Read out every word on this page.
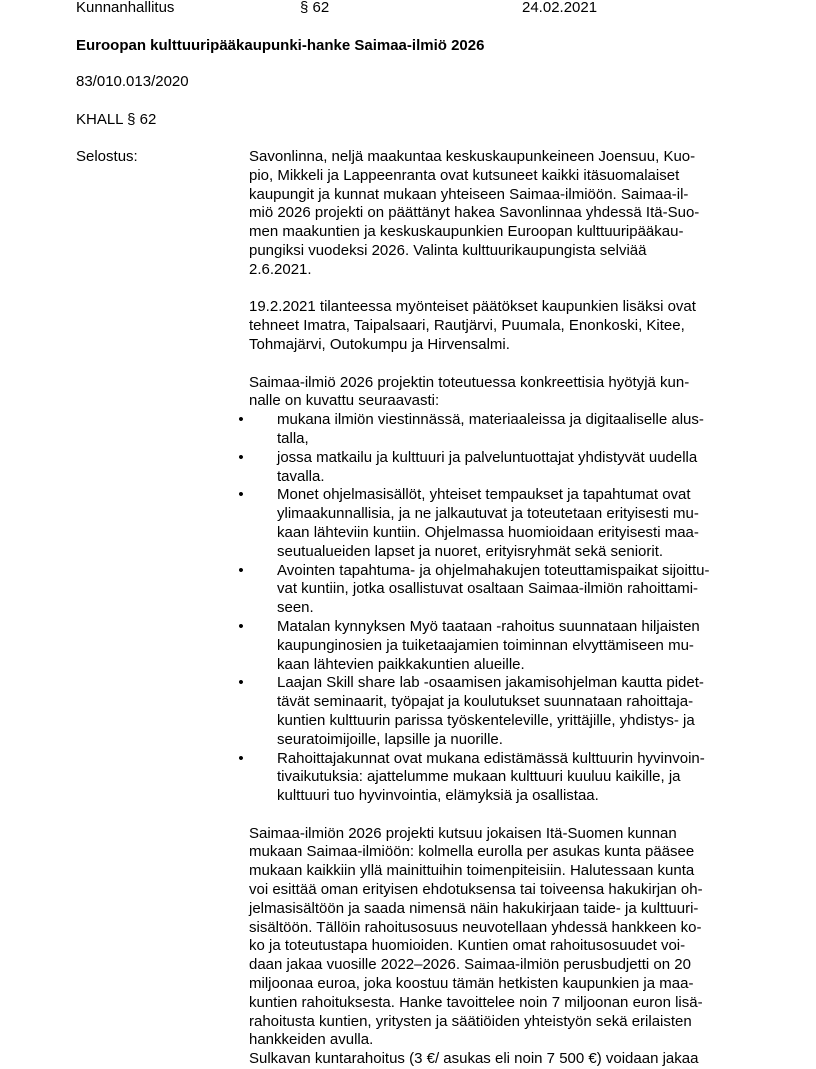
Kunnanhallitus	§ 62	24.02.2021
Euroopan kulttuuripääkaupunki-hanke Saimaa-ilmiö 2026
83/010.013/2020
KHALL § 62
Selostus:	Savonlinna, neljä maakuntaa keskuskaupunkeineen Joensuu, Kuo-
pio, Mikkeli ja Lappeenranta ovat kutsuneet kaikki itäsuomalaiset
kaupungit ja kunnat mukaan yhteiseen Saimaa-ilmiöön. Saimaa-il-
miö 2026 projekti on päättänyt hakea Savonlinnaa yhdessä Itä-Suo-
men maakuntien ja keskuskaupunkien Euroopan kulttuuripääkau-
pungiksi vuodeksi 2026. Valinta kulttuurikaupungista selviää
2.6.2021.
19.2.2021 tilanteessa myönteiset päätökset kaupunkien lisäksi ovat
tehneet Imatra, Taipalsaari, Rautjärvi, Puumala, Enonkoski, Kitee,
Tohmajärvi, Outokumpu ja Hirvensalmi.
Saimaa-ilmiö 2026 projektin toteutuessa konkreettisia hyötyjä kun-
nalle on kuvattu seuraavasti:
• mukana ilmiön viestinnässä, materiaaleissa ja digitaaliselle alus-
talla,
• jossa matkailu ja kulttuuri ja palveluntuottajat yhdistyvät uudella
tavalla.
• Monet ohjelmasisällöt, yhteiset tempaukset ja tapahtumat ovat
ylimaakunnallisia, ja ne jalkautuvat ja toteutetaan erityisesti mu-
kaan lähteviin kuntiin. Ohjelmassa huomioidaan erityisesti maa-
seutualueiden lapset ja nuoret, erityisryhmät sekä seniorit.
• Avointen tapahtuma- ja ohjelmahakujen toteuttamispaikat sijoittu-
vat kuntiin, jotka osallistuvat osaltaan Saimaa-ilmiön rahoittami-
seen.
• Matalan kynnyksen Myö taataan -rahoitus suunnataan hiljaisten
kaupunginosien ja tuiketaajamien toiminnan elvyttämiseen mu-
kaan lähtevien paikkakuntien alueille.
• Laajan Skill share lab -osaamisen jakamisohjelman kautta pidet-
tävät seminaarit, työpajat ja koulutukset suunnataan rahoittaja-
kuntien kulttuurin parissa työskenteleville, yrittäjille, yhdistys- ja
seuratoimijoille, lapsille ja nuorille.
• Rahoittajakunnat ovat mukana edistämässä kulttuurin hyvinvoin-
tivaikutuksia: ajattelumme mukaan kulttuuri kuuluu kaikille, ja
kulttuuri tuo hyvinvointia, elämyksiä ja osallistaa.
Saimaa-ilmiön 2026 projekti kutsuu jokaisen Itä-Suomen kunnan
mukaan Saimaa-ilmiöön: kolmella eurolla per asukas kunta pääsee
mukaan kaikkiin yllä mainittuihin toimenpiteisiin. Halutessaan kunta
voi esittää oman erityisen ehdotuksensa tai toiveensa hakukirjan oh-
jelmasisältöön ja saada nimensä näin hakukirjaan taide- ja kulttuuri-
sisältöön. Tällöin rahoitusosuus neuvotellaan yhdessä hankkeen ko-
ko ja toteutustapa huomioiden. Kuntien omat rahoitusosuudet voi-
daan jakaa vuosille 2022–2026. Saimaa-ilmiön perusbudjetti on 20
miljoonaa euroa, joka koostuu tämän hetkisten kaupunkien ja maa-
kuntien rahoituksesta. Hanke tavoittelee noin 7 miljoonan euron lisä-
rahoitusta kuntien, yritysten ja säätiöiden yhteistyön sekä erilaisten
hankkeiden avulla.
Sulkavan kuntarahoitus (3 €/ asukas eli noin 7 500 €) voidaan jakaa
